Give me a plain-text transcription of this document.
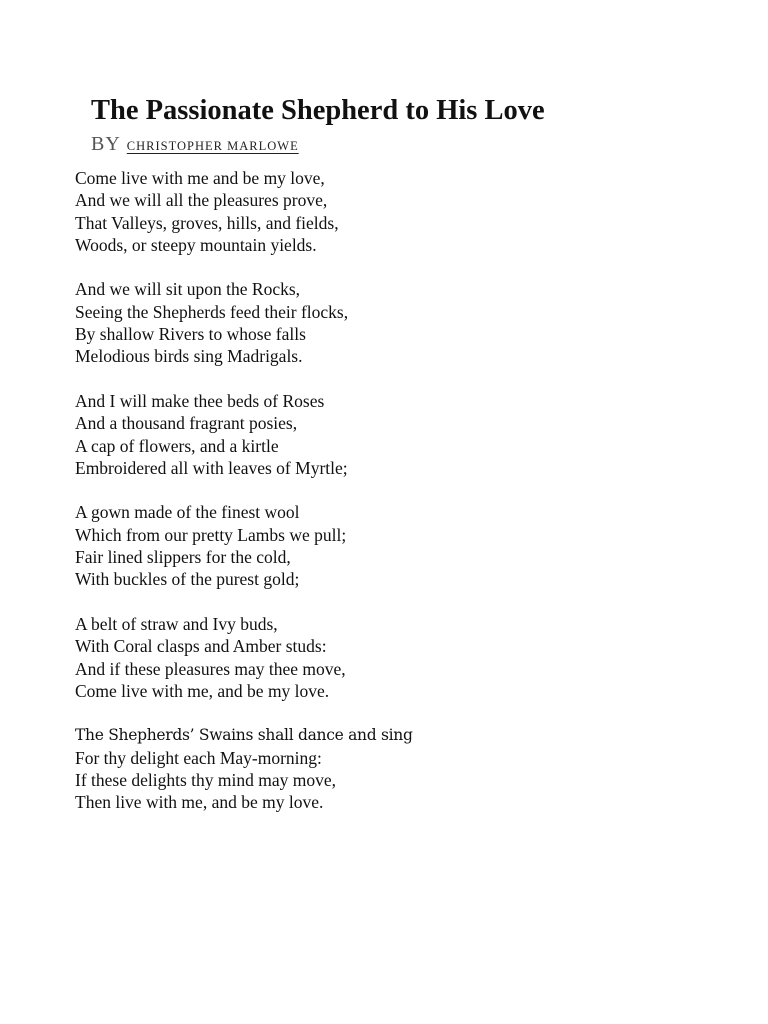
The Passionate Shepherd to His Love
BY CHRISTOPHER MARLOWE
Come live with me and be my love,
And we will all the pleasures prove,
That Valleys, groves, hills, and fields,
Woods, or steepy mountain yields.
And we will sit upon the Rocks,
Seeing the Shepherds feed their flocks,
By shallow Rivers to whose falls
Melodious birds sing Madrigals.
And I will make thee beds of Roses
And a thousand fragrant posies,
A cap of flowers, and a kirtle
Embroidered all with leaves of Myrtle;
A gown made of the finest wool
Which from our pretty Lambs we pull;
Fair lined slippers for the cold,
With buckles of the purest gold;
A belt of straw and Ivy buds,
With Coral clasps and Amber studs:
And if these pleasures may thee move,
Come live with me, and be my love.
The Shepherds’ Swains shall dance and sing
For thy delight each May-morning:
If these delights thy mind may move,
Then live with me, and be my love.
